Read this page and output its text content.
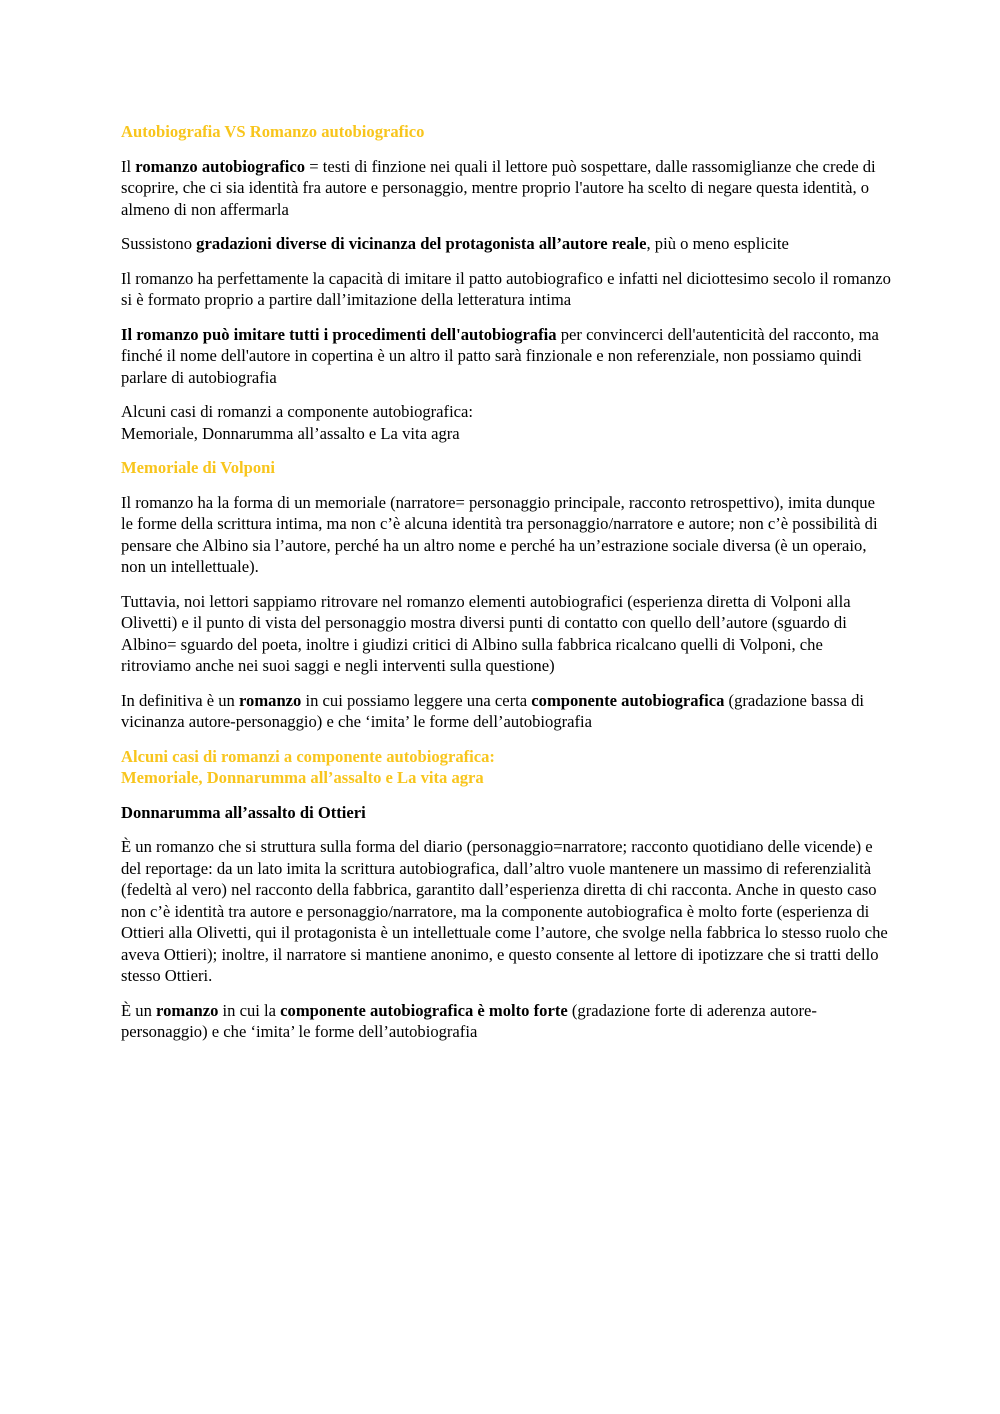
Autobiografia VS Romanzo autobiografico

Il romanzo autobiografico = testi di finzione nei quali il lettore può sospettare, dalle rassomiglianze che crede di scoprire, che ci sia identità fra autore e personaggio, mentre proprio l'autore ha scelto di negare questa identità, o almeno di non affermarla

Sussistono gradazioni diverse di vicinanza del protagonista all’autore reale, più o meno esplicite

Il romanzo ha perfettamente la capacità di imitare il patto autobiografico e infatti nel diciottesimo secolo il romanzo si è formato proprio a partire dall’imitazione della letteratura intima

Il romanzo può imitare tutti i procedimenti dell'autobiografia per convincerci dell'autenticità del racconto, ma finché il nome dell'autore in copertina è un altro il patto sarà finzionale e non referenziale, non possiamo quindi parlare di autobiografia

Alcuni casi di romanzi a componente autobiografica:
Memoriale, Donnarumma all’assalto e La vita agra

Memoriale di Volponi

Il romanzo ha la forma di un memoriale (narratore= personaggio principale, racconto retrospettivo), imita dunque le forme della scrittura intima, ma non c’è alcuna identità tra personaggio/narratore e autore; non c’è possibilità di pensare che Albino sia l’autore, perché ha un altro nome e perché ha un’estrazione sociale diversa (è un operaio, non un intellettuale).

Tuttavia, noi lettori sappiamo ritrovare nel romanzo elementi autobiografici (esperienza diretta di Volponi alla Olivetti) e il punto di vista del personaggio mostra diversi punti di contatto con quello dell’autore (sguardo di Albino= sguardo del poeta, inoltre i giudizi critici di Albino sulla fabbrica ricalcano quelli di Volponi, che ritroviamo anche nei suoi saggi e negli interventi sulla questione)

In definitiva è un romanzo in cui possiamo leggere una certa componente autobiografica (gradazione bassa di vicinanza autore-personaggio) e che ‘imita’ le forme dell’autobiografia

Alcuni casi di romanzi a componente autobiografica:
Memoriale, Donnarumma all’assalto e La vita agra
Donnarumma all’assalto di Ottieri

È un romanzo che si struttura sulla forma del diario (personaggio=narratore; racconto quotidiano delle vicende) e del reportage: da un lato imita la scrittura autobiografica, dall’altro vuole mantenere un massimo di referenzialità (fedeltà al vero) nel racconto della fabbrica, garantito dall’esperienza diretta di chi racconta. Anche in questo caso non c’è identità tra autore e personaggio/narratore, ma la componente autobiografica è molto forte (esperienza di Ottieri alla Olivetti, qui il protagonista è un intellettuale come l’autore, che svolge nella fabbrica lo stesso ruolo che aveva Ottieri); inoltre, il narratore si mantiene anonimo, e questo consente al lettore di ipotizzare che si tratti dello stesso Ottieri.

È un romanzo in cui la componente autobiografica è molto forte (gradazione forte di aderenza autore-personaggio) e che ‘imita’ le forme dell’autobiografia
